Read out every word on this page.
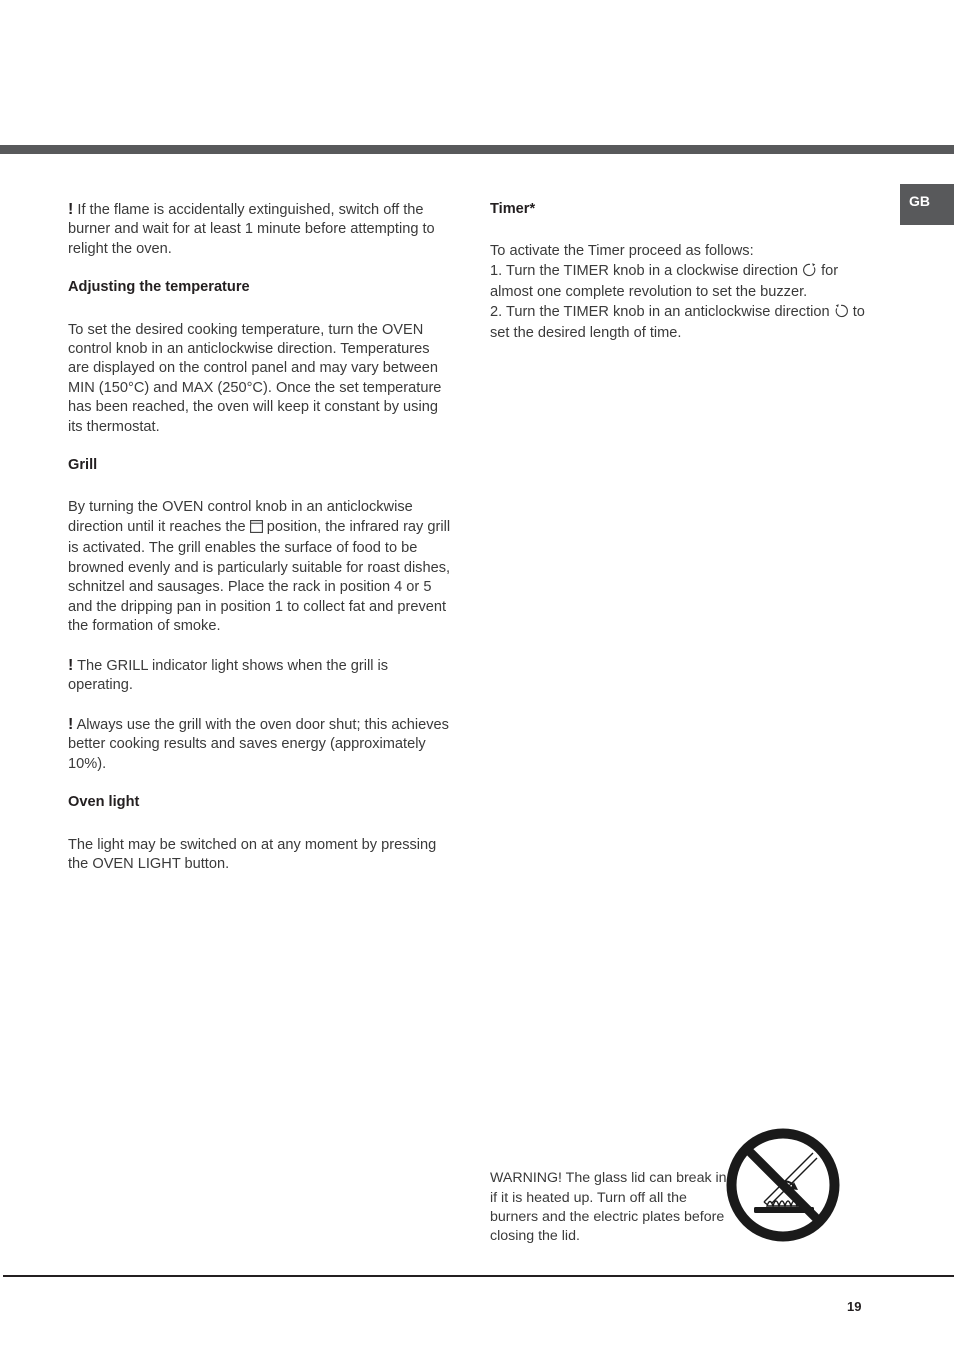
GB

! If the flame is accidentally extinguished, switch off the burner and wait for at least 1 minute before attempting to relight the oven.

Adjusting the temperature

To set the desired cooking temperature, turn the OVEN control knob in an anticlockwise direction. Temperatures are displayed on the control panel and may vary between MIN (150°C) and MAX (250°C). Once the set temperature has been reached, the oven will keep it constant by using its thermostat.

Grill

By turning the OVEN control knob in an anticlockwise direction until it reaches the position, the infrared ray grill is activated. The grill enables the surface of food to be browned evenly and is particularly suitable for roast dishes, schnitzel and sausages. Place the rack in position 4 or 5 and the dripping pan in position 1 to collect fat and prevent the formation of smoke.

! The GRILL indicator light shows when the grill is operating.

! Always use the grill with the oven door shut; this achieves better cooking results and saves energy (approximately 10%).

Oven light

The light may be switched on at any moment by pressing the OVEN LIGHT button.

Timer*

To activate the Timer proceed as follows:

1. Turn the TIMER knob in a clockwise direction for almost one complete revolution to set the buzzer.

2. Turn the TIMER knob in an anticlockwise direction to set the desired length of time.

WARNING! The glass lid can break in if it is heated up. Turn off all the burners and the electric plates before closing the lid.

19
